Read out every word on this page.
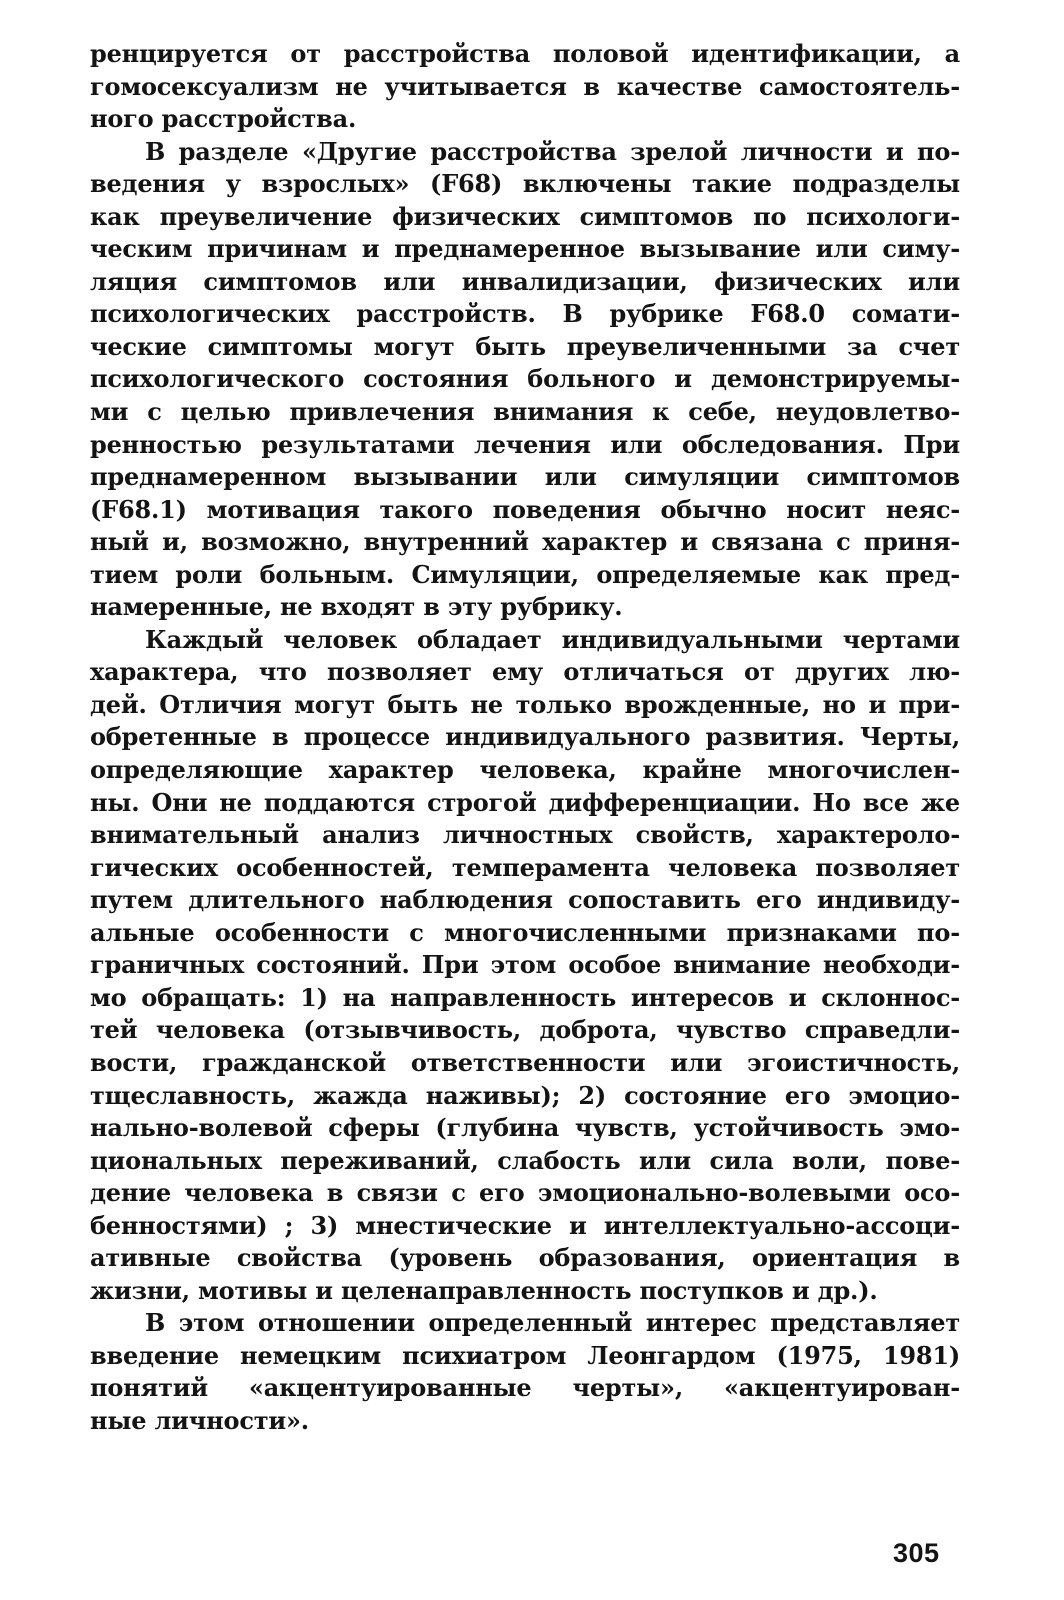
ренцируется от расстройства половой идентификации, а
гомосексуализм не учитывается в качестве самостоятель-
ного расстройства.
В разделе «Другие расстройства зрелой личности и по-
ведения у взрослых» (F68) включены такие подразделы
как преувеличение физических симптомов по психологи-
ческим причинам и преднамеренное вызывание или симу-
ляция симптомов или инвалидизации, физических или
психологических расстройств. В рубрике F68.0 сомати-
ческие симптомы могут быть преувеличенными за счет
психологического состояния больного и демонстрируемы-
ми с целью привлечения внимания к себе, неудовлетво-
ренностью результатами лечения или обследования. При
преднамеренном вызывании или симуляции симптомов
(F68.1) мотивация такого поведения обычно носит неяс-
ный и, возможно, внутренний характер и связана с приня-
тием роли больным. Симуляции, определяемые как пред-
намеренные, не входят в эту рубрику.
Каждый человек обладает индивидуальными чертами
характера, что позволяет ему отличаться от других лю-
дей. Отличия могут быть не только врожденные, но и при-
обретенные в процессе индивидуального развития. Черты,
определяющие характер человека, крайне многочислен-
ны. Они не поддаются строгой дифференциации. Но все же
внимательный анализ личностных свойств, характероло-
гических особенностей, темперамента человека позволяет
путем длительного наблюдения сопоставить его индивиду-
альные особенности с многочисленными признаками по-
граничных состояний. При этом особое внимание необходи-
мо обращать: 1) на направленность интересов и склоннос-
тей человека (отзывчивость, доброта, чувство справедли-
вости, гражданской ответственности или эгоистичность,
тщеславность, жажда наживы); 2) состояние его эмоцио-
нально-волевой сферы (глубина чувств, устойчивость эмо-
циональных переживаний, слабость или сила воли, пове-
дение человека в связи с его эмоционально-волевыми осо-
бенностями) ; 3) мнестические и интеллектуально-ассоци-
ативные свойства (уровень образования, ориентация в
жизни, мотивы и целенаправленность поступков и др.).
В этом отношении определенный интерес представляет
введение немецким психиатром Леонгардом (1975, 1981)
понятий «акцентуированные черты», «акцентуирован-
ные личности».
305
